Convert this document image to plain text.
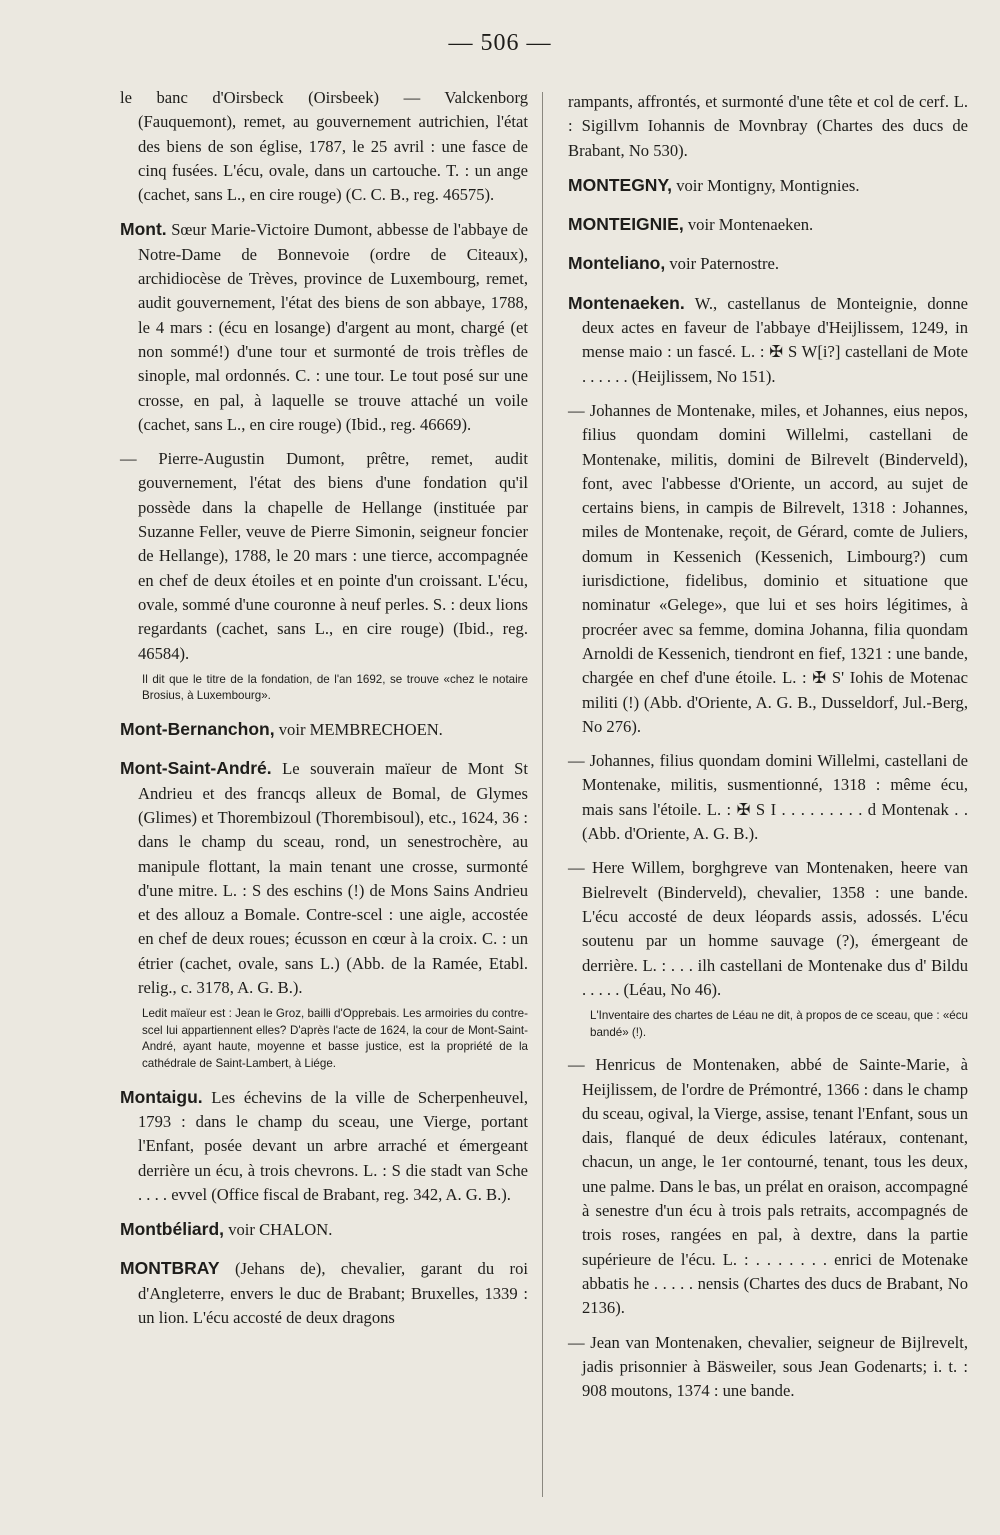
— 506 —

le banc d'Oirsbeck (Oirsbeek) — Valckenborg (Fauquemont), remet, au gouvernement autrichien, l'état des biens de son église, 1787, le 25 avril : une fasce de cinq fusées. L'écu, ovale, dans un cartouche. T. : un ange (cachet, sans L., en cire rouge) (C. C. B., reg. 46575).

Mont. Sœur Marie-Victoire Dumont, abbesse de l'abbaye de Notre-Dame de Bonnevoie (ordre de Citeaux), archidiocèse de Trèves, province de Luxembourg, remet, audit gouvernement, l'état des biens de son abbaye, 1788, le 4 mars : (écu en losange) d'argent au mont, chargé (et non sommé!) d'une tour et surmonté de trois trèfles de sinople, mal ordonnés. C. : une tour. Le tout posé sur une crosse, en pal, à laquelle se trouve attaché un voile (cachet, sans L., en cire rouge) (Ibid., reg. 46669).

— Pierre-Augustin Dumont, prêtre, remet, audit gouvernement, l'état des biens d'une fondation qu'il possède dans la chapelle de Hellange (instituée par Suzanne Feller, veuve de Pierre Simonin, seigneur foncier de Hellange), 1788, le 20 mars : une tierce, accompagnée en chef de deux étoiles et en pointe d'un croissant. L'écu, ovale, sommé d'une couronne à neuf perles. S. : deux lions regardants (cachet, sans L., en cire rouge) (Ibid., reg. 46584).

Il dit que le titre de la fondation, de l'an 1692, se trouve «chez le notaire Brosius, à Luxembourg».

Mont-Bernanchon, voir MEMBRECHOEN.

Mont-Saint-André. Le souverain maïeur de Mont St Andrieu et des francqs alleux de Bomal, de Glymes (Glimes) et Thorembizoul (Thorembisoul), etc., 1624, 36 : dans le champ du sceau, rond, un senestrochère, au manipule flottant, la main tenant une crosse, surmonté d'une mitre. L. : S des eschins (!) de Mons Sains Andrieu et des allouz a Bomale. Contre-scel : une aigle, accostée en chef de deux roues; écusson en cœur à la croix. C. : un étrier (cachet, ovale, sans L.) (Abb. de la Ramée, Etabl. relig., c. 3178, A. G. B.).

Ledit maïeur est : Jean le Groz, bailli d'Opprebais. Les armoiries du contre-scel lui appartiennent elles? D'après l'acte de 1624, la cour de Mont-Saint-André, ayant haute, moyenne et basse justice, est la propriété de la cathédrale de Saint-Lambert, à Liége.

Montaigu. Les échevins de la ville de Scherpenheuvel, 1793 : dans le champ du sceau, une Vierge, portant l'Enfant, posée devant un arbre arraché et émergeant derrière un écu, à trois chevrons. L. : S die stadt van Sche . . . . evvel (Office fiscal de Brabant, reg. 342, A. G. B.).

Montbéliard, voir CHALON.

MONTBRAY (Jehans de), chevalier, garant du roi d'Angleterre, envers le duc de Brabant; Bruxelles, 1339 : un lion. L'écu accosté de deux dragons

rampants, affrontés, et surmonté d'une tête et col de cerf. L. : Sigillvm Iohannis de Movnbray (Chartes des ducs de Brabant, No 530).

MONTEGNY, voir Montigny, Montignies.

MONTEIGNIE, voir Montenaeken.

Monteliano, voir Paternostre.

Montenaeken. W., castellanus de Monteignie, donne deux actes en faveur de l'abbaye d'Heijlissem, 1249, in mense maio : un fascé. L. : ✠ S W[i?] castellani de Mote . . . . . . (Heijlissem, No 151).

— Johannes de Montenake, miles, et Johannes, eius nepos, filius quondam domini Willelmi, castellani de Montenake, militis, domini de Bilrevelt (Binderveld), font, avec l'abbesse d'Oriente, un accord, au sujet de certains biens, in campis de Bilrevelt, 1318 : Johannes, miles de Montenake, reçoit, de Gérard, comte de Juliers, domum in Kessenich (Kessenich, Limbourg?) cum iurisdictione, fidelibus, dominio et situatione que nominatur «Gelege», que lui et ses hoirs légitimes, à procréer avec sa femme, domina Johanna, filia quondam Arnoldi de Kessenich, tiendront en fief, 1321 : une bande, chargée en chef d'une étoile. L. : ✠ S' Iohis de Motenac militi (!) (Abb. d'Oriente, A. G. B., Dusseldorf, Jul.-Berg, No 276).

— Johannes, filius quondam domini Willelmi, castellani de Montenake, militis, susmentionné, 1318 : même écu, mais sans l'étoile. L. : ✠ S I . . . . . . . . . d Montenak . . (Abb. d'Oriente, A. G. B.).

— Here Willem, borghgreve van Montenaken, heere van Bielrevelt (Binderveld), chevalier, 1358 : une bande. L'écu accosté de deux léopards assis, adossés. L'écu soutenu par un homme sauvage (?), émergeant de derrière. L. : . . . ilh castellani de Montenake dus d' Bildu . . . . . (Léau, No 46).

L'Inventaire des chartes de Léau ne dit, à propos de ce sceau, que : «écu bandé» (!).

— Henricus de Montenaken, abbé de Sainte-Marie, à Heijlissem, de l'ordre de Prémontré, 1366 : dans le champ du sceau, ogival, la Vierge, assise, tenant l'Enfant, sous un dais, flanqué de deux édicules latéraux, contenant, chacun, un ange, le 1er contourné, tenant, tous les deux, une palme. Dans le bas, un prélat en oraison, accompagné à senestre d'un écu à trois pals retraits, accompagnés de trois roses, rangées en pal, à dextre, dans la partie supérieure de l'écu. L. : . . . . . . . enrici de Motenake abbatis he . . . . . nensis (Chartes des ducs de Brabant, No 2136).

— Jean van Montenaken, chevalier, seigneur de Bijlrevelt, jadis prisonnier à Bäsweiler, sous Jean Godenarts; i. t. : 908 moutons, 1374 : une bande.
